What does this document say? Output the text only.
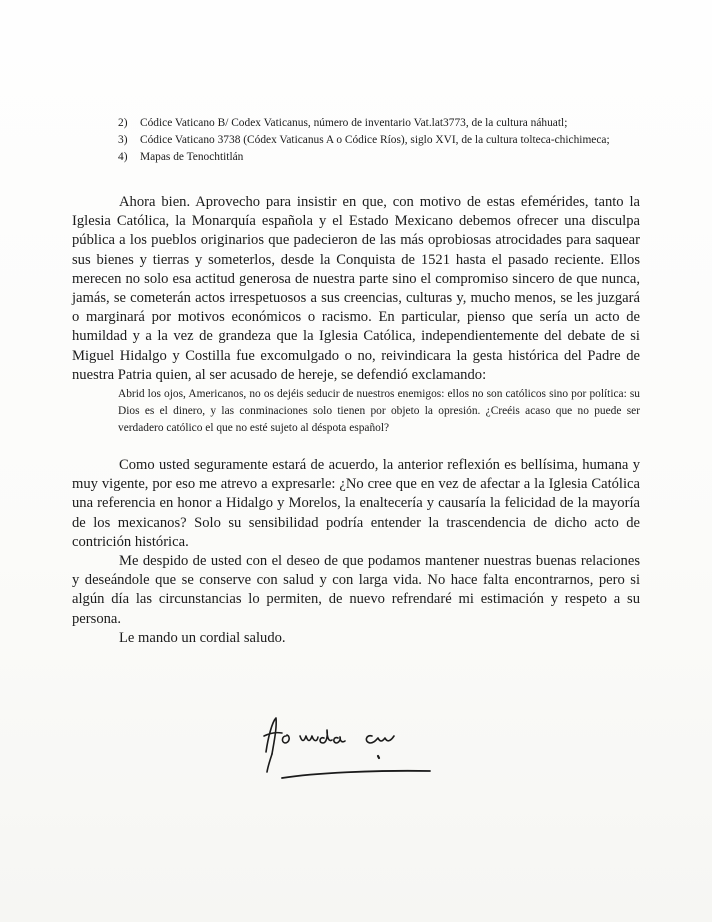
2)	Códice Vaticano B/ Codex Vaticanus, número de inventario Vat.lat3773, de la cultura náhuatl;
3)	Códice Vaticano 3738 (Códex Vaticanus A o Códice Ríos), siglo XVI, de la cultura tolteca-chichimeca;
4)	Mapas de Tenochtitlán

Ahora bien. Aprovecho para insistir en que, con motivo de estas efemérides, tanto la Iglesia Católica, la Monarquía española y el Estado Mexicano debemos ofrecer una disculpa pública a los pueblos originarios que padecieron de las más oprobiosas atrocidades para saquear sus bienes y tierras y someterlos, desde la Conquista de 1521 hasta el pasado reciente. Ellos merecen no solo esa actitud generosa de nuestra parte sino el compromiso sincero de que nunca, jamás, se cometerán actos irrespetuosos a sus creencias, culturas y, mucho menos, se les juzgará o marginará por motivos económicos o racismo. En particular, pienso que sería un acto de humildad y a la vez de grandeza que la Iglesia Católica, independientemente del debate de si Miguel Hidalgo y Costilla fue excomulgado o no, reivindicara la gesta histórica del Padre de nuestra Patria quien, al ser acusado de hereje, se defendió exclamando:

Abrid los ojos, Americanos, no os dejéis seducir de nuestros enemigos: ellos no son católicos sino por política: su Dios es el dinero, y las conminaciones solo tienen por objeto la opresión. ¿Creéis acaso que no puede ser verdadero católico el que no esté sujeto al déspota español?

Como usted seguramente estará de acuerdo, la anterior reflexión es bellísima, humana y muy vigente, por eso me atrevo a expresarle: ¿No cree que en vez de afectar a la Iglesia Católica una referencia en honor a Hidalgo y Morelos, la enaltecería y causaría la felicidad de la mayoría de los mexicanos? Solo su sensibilidad podría entender la trascendencia de dicho acto de contrición histórica.

Me despido de usted con el deseo de que podamos mantener nuestras buenas relaciones y deseándole que se conserve con salud y con larga vida. No hace falta encontrarnos, pero si algún día las circunstancias lo permiten, de nuevo refrendaré mi estimación y respeto a su persona.

Le mando un cordial saludo.
